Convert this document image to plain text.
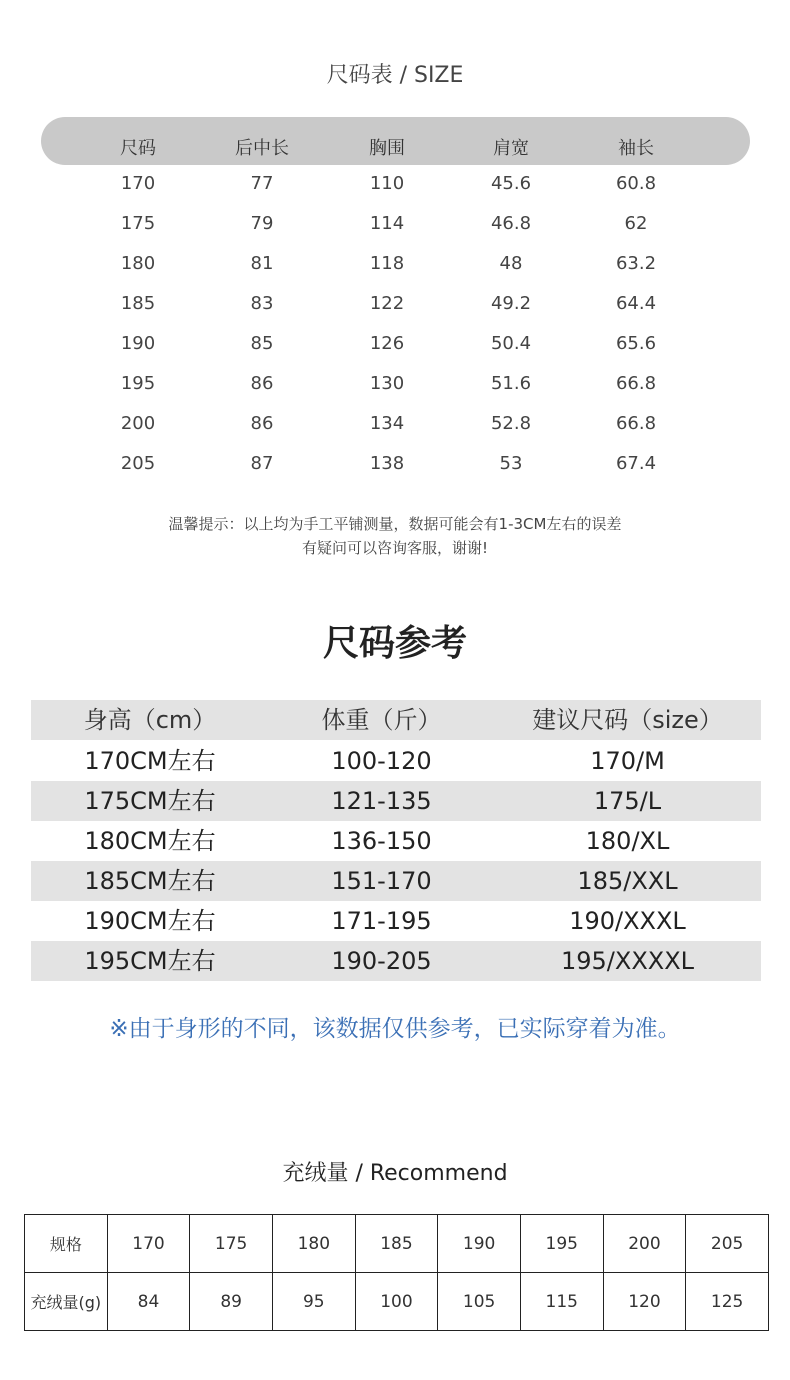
尺码表 / SIZE
尺码	后中长	胸围	肩宽	袖长
170	77	110	45.6	60.8
175	79	114	46.8	62
180	81	118	48	63.2
185	83	122	49.2	64.4
190	85	126	50.4	65.6
195	86	130	51.6	66.8
200	86	134	52.8	66.8
205	87	138	53	67.4
温馨提示：以上均为手工平铺测量，数据可能会有1-3CM左右的误差
有疑问可以咨询客服，谢谢!
尺码参考
身高（cm）	体重（斤）	建议尺码（size）
170CM左右	100-120	170/M
175CM左右	121-135	175/L
180CM左右	136-150	180/XL
185CM左右	151-170	185/XXL
190CM左右	171-195	190/XXXL
195CM左右	190-205	195/XXXXL
※由于身形的不同，该数据仅供参考，已实际穿着为准。
充绒量 / Recommend
规格	170	175	180	185	190	195	200	205
充绒量(g)	84	89	95	100	105	115	120	125
